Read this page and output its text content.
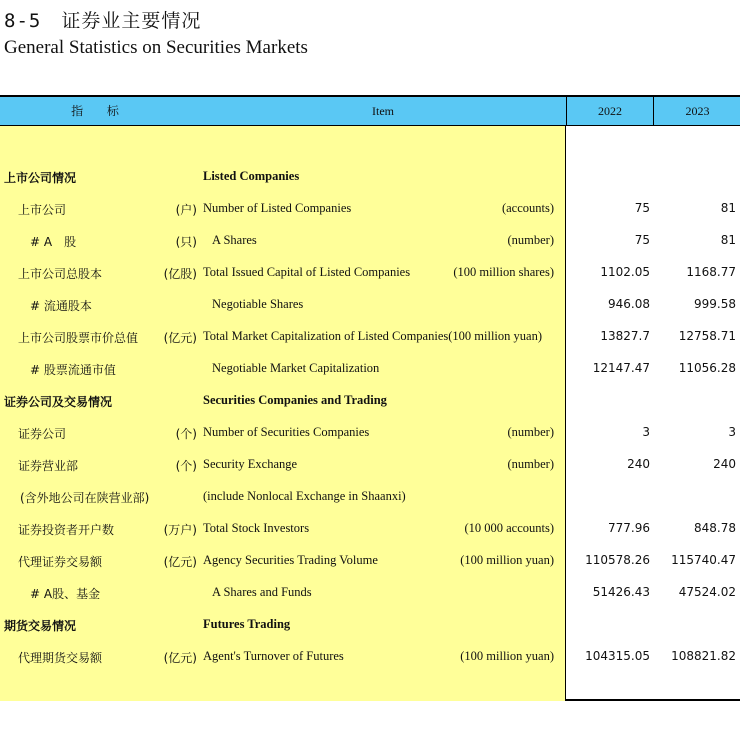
8-5　证券业主要情况
General Statistics on Securities Markets
指 标	Item	2022	2023
上市公司情况	Listed Companies
上市公司	(户) Number of Listed Companies	(accounts)	75	81
# A　股	(只) A Shares	(number)	75	81
上市公司总股本	(亿股) Total Issued Capital of Listed Companies	(100 million shares)	1102.05	1168.77
# 流通股本	Negotiable Shares	946.08	999.58
上市公司股票市价总值 (亿元) Total Market Capitalization of Listed Companies(100 million yuan)	13827.7 12758.71
# 股票流通市值	Negotiable Market Capitalization	12147.47 11056.28
证券公司及交易情况	Securities Companies and Trading
证券公司	(个) Number of Securities Companies	(number)	3	3
证券营业部	(个) Security Exchange	(number)	240	240
(含外地公司在陕营业部)	(include Nonlocal Exchange in Shaanxi)
证券投资者开户数	(万户) Total Stock Investors	(10 000 accounts)	777.96	848.78
代理证券交易额	(亿元) Agency Securities Trading Volume	(100 million yuan)	110578.26 115740.47
# A股、基金	A Shares and Funds	51426.43 47524.02
期货交易情况	Futures Trading
代理期货交易额	(亿元) Agent's Turnover of Futures	(100 million yuan)	104315.05 108821.82
